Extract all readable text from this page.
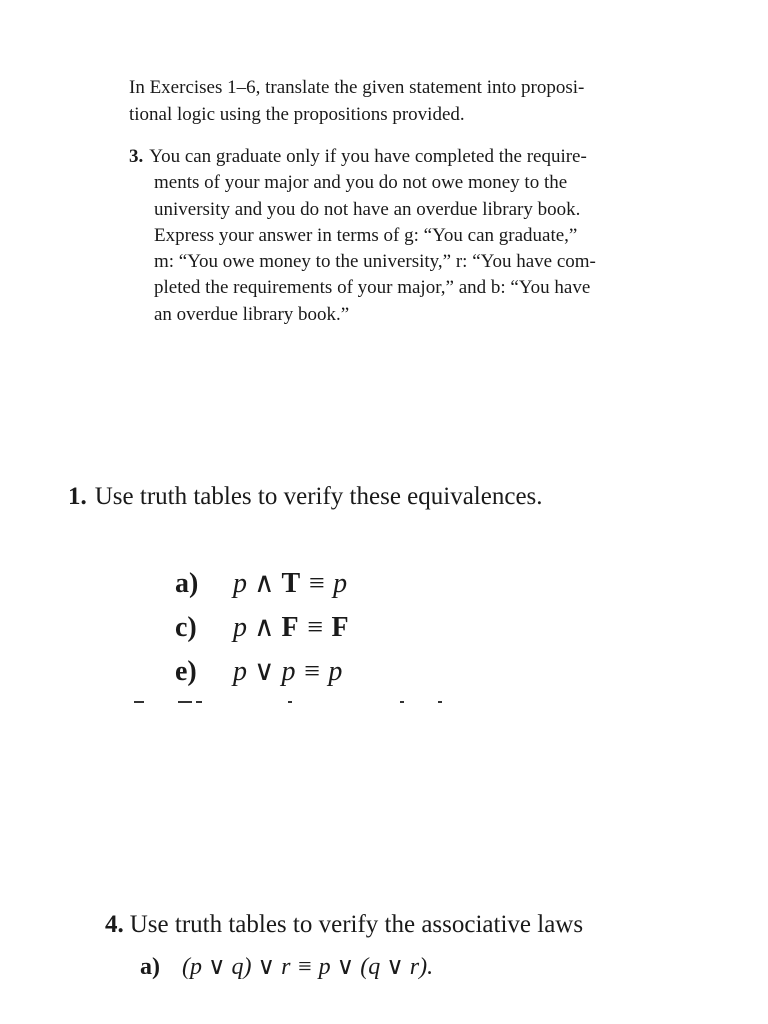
In Exercises 1–6, translate the given statement into proposi-
tional logic using the propositions provided.
3. You can graduate only if you have completed the require-
ments of your major and you do not owe money to the
university and you do not have an overdue library book.
Express your answer in terms of g: “You can graduate,”
m: “You owe money to the university,” r: “You have com-
pleted the requirements of your major,” and b: “You have
an overdue library book.”
1. Use truth tables to verify these equivalences.
a) p ∧ T ≡ p
c) p ∧ F ≡ F
e) p ∨ p ≡ p
4. Use truth tables to verify the associative laws
a) (p ∨ q) ∨ r ≡ p ∨ (q ∨ r).
